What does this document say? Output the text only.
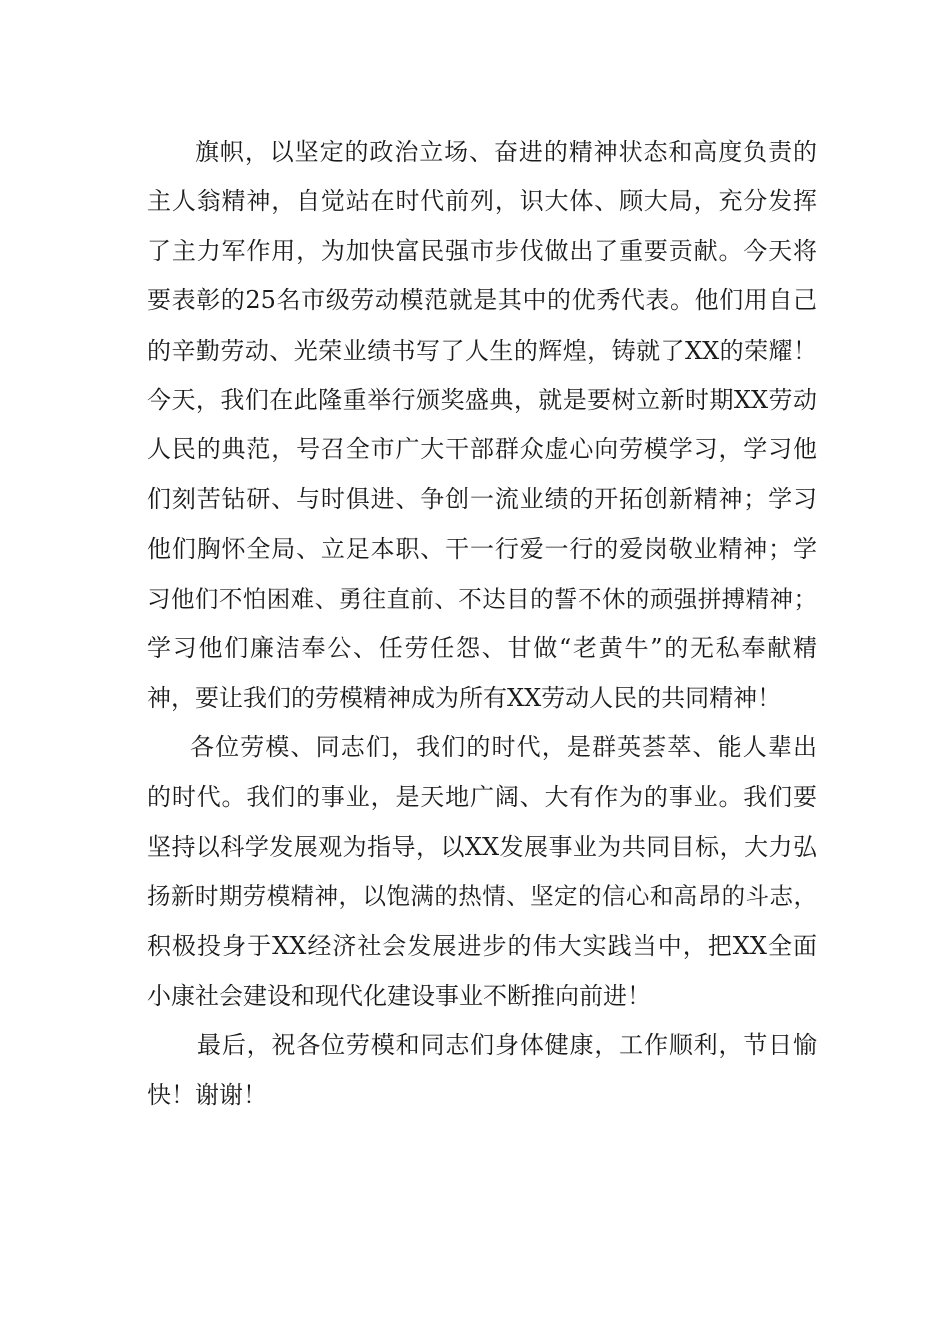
旗帜，以坚定的政治立场、奋进的精神状态和高度负责的
主人翁精神，自觉站在时代前列，识大体、顾大局，充分发挥
了主力军作用，为加快富民强市步伐做出了重要贡献。今天将
要表彰的25名市级劳动模范就是其中的优秀代表。他们用自己
的辛勤劳动、光荣业绩书写了人生的辉煌，铸就了XX的荣耀！
今天，我们在此隆重举行颁奖盛典，就是要树立新时期XX劳动
人民的典范，号召全市广大干部群众虚心向劳模学习，学习他
们刻苦钻研、与时俱进、争创一流业绩的开拓创新精神；学习
他们胸怀全局、立足本职、干一行爱一行的爱岗敬业精神；学
习他们不怕困难、勇往直前、不达目的誓不休的顽强拼搏精神；
学习他们廉洁奉公、任劳任怨、甘做“老黄牛”的无私奉献精
神，要让我们的劳模精神成为所有XX劳动人民的共同精神！
各位劳模、同志们，我们的时代，是群英荟萃、能人辈出
的时代。我们的事业，是天地广阔、大有作为的事业。我们要
坚持以科学发展观为指导，以XX发展事业为共同目标，大力弘
扬新时期劳模精神，以饱满的热情、坚定的信心和高昂的斗志，
积极投身于XX经济社会发展进步的伟大实践当中，把XX全面
小康社会建设和现代化建设事业不断推向前进！
最后，祝各位劳模和同志们身体健康，工作顺利，节日愉
快！谢谢！
